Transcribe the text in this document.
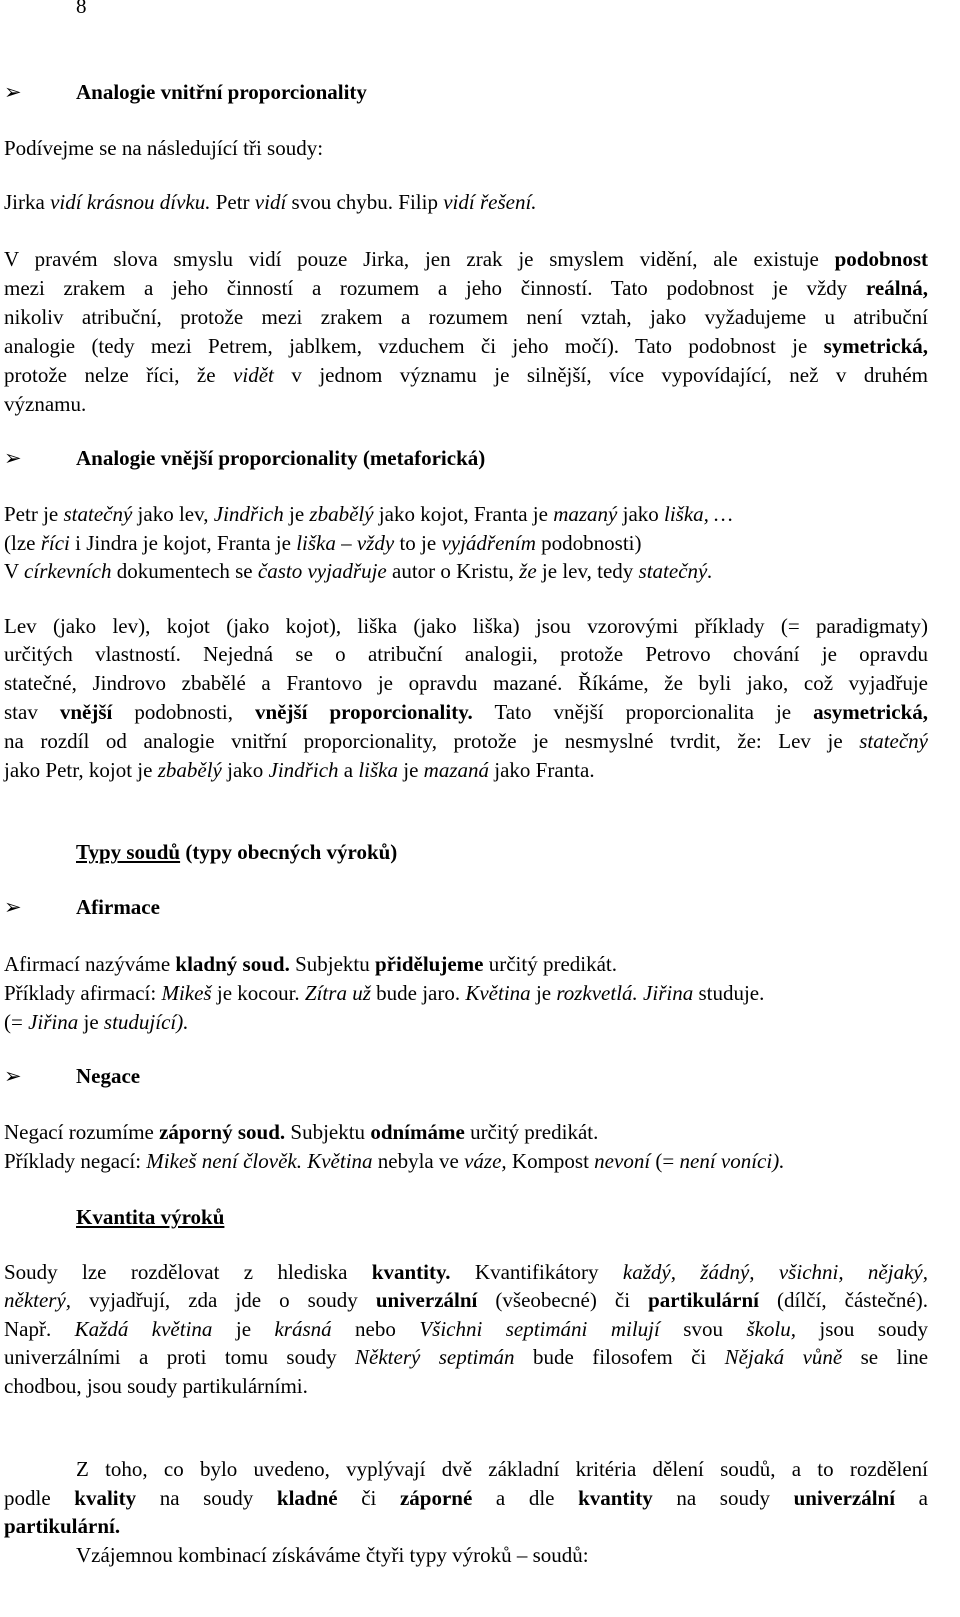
8
➢	Analogie vnitřní proporcionality
Podívejme se na následující tři soudy:
Jirka vidí krásnou dívku. Petr vidí svou chybu. Filip vidí řešení.
V pravém slova smyslu vidí pouze Jirka, jen zrak je smyslem vidění, ale existuje podobnost
mezi zrakem a jeho činností a rozumem a jeho činností. Tato podobnost je vždy reálná,
nikoliv atribuční, protože mezi zrakem a rozumem není vztah, jako vyžadujeme u atribuční
analogie (tedy mezi Petrem, jablkem, vzduchem či jeho močí). Tato podobnost je symetrická,
protože nelze říci, že vidět v jednom významu je silnější, více vypovídající, než v druhém
významu.
➢	Analogie vnější proporcionality (metaforická)
Petr je statečný jako lev, Jindřich je zbabělý jako kojot, Franta je mazaný jako liška, …
(lze říci i Jindra je kojot, Franta je liška – vždy to je vyjádřením podobnosti)
V církevních dokumentech se často vyjadřuje autor o Kristu, že je lev, tedy statečný.
Lev (jako lev), kojot (jako kojot), liška (jako liška) jsou vzorovými příklady (= paradigmaty)
určitých vlastností. Nejedná se o atribuční analogii, protože Petrovo chování je opravdu
statečné, Jindrovo zbabělé a Frantovo je opravdu mazané. Říkáme, že byli jako, což vyjadřuje
stav vnější podobnosti, vnější proporcionality. Tato vnější proporcionalita je asymetrická,
na rozdíl od analogie vnitřní proporcionality, protože je nesmyslné tvrdit, že: Lev je statečný
jako Petr, kojot je zbabělý jako Jindřich a liška je mazaná jako Franta.
Typy soudů (typy obecných výroků)
➢	Afirmace
Afirmací nazýváme kladný soud. Subjektu přidělujeme určitý predikát.
Příklady afirmací: Mikeš je kocour. Zítra už bude jaro. Květina je rozkvetlá. Jiřina studuje.
(= Jiřina je studující).
➢	Negace
Negací rozumíme záporný soud. Subjektu odnímáme určitý predikát.
Příklady negací: Mikeš není člověk. Květina nebyla ve váze, Kompost nevoní (= není voníci).
Kvantita výroků
Soudy lze rozdělovat z hlediska kvantity. Kvantifikátory každý, žádný, všichni, nějaký,
některý, vyjadřují, zda jde o soudy univerzální (všeobecné) či partikulární (dílčí, částečné).
Např. Každá květina je krásná nebo Všichni septimáni milují svou školu, jsou soudy
univerzálními a proti tomu soudy Některý septimán bude filosofem či Nějaká vůně se line
chodbou, jsou soudy partikulárními.
Z toho, co bylo uvedeno, vyplývají dvě základní kritéria dělení soudů, a to rozdělení
podle kvality na soudy kladné či záporné a dle kvantity na soudy univerzální a
partikulární.
Vzájemnou kombinací získáváme čtyři typy výroků – soudů:
